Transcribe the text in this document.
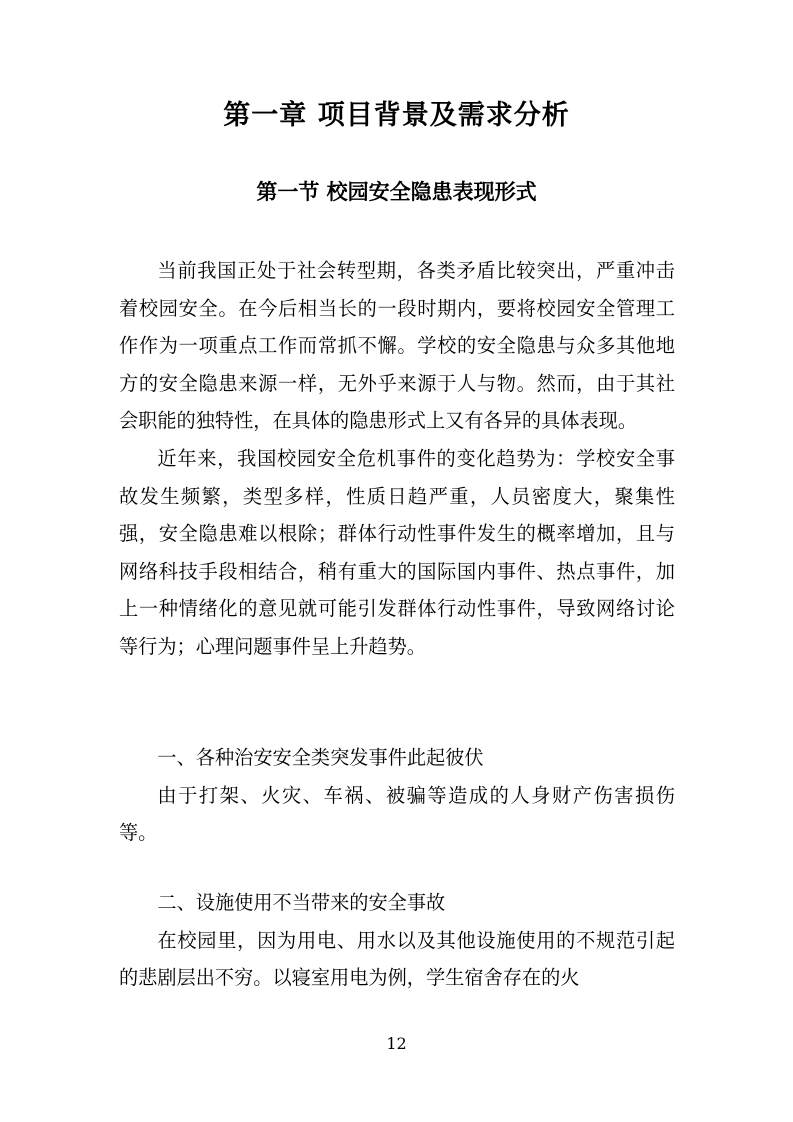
第一章 项目背景及需求分析
第一节 校园安全隐患表现形式

当前我国正处于社会转型期，各类矛盾比较突出，严重冲击着校园安全。在今后相当长的一段时期内，要将校园安全管理工作作为一项重点工作而常抓不懈。学校的安全隐患与众多其他地方的安全隐患来源一样，无外乎来源于人与物。然而，由于其社会职能的独特性，在具体的隐患形式上又有各异的具体表现。

近年来，我国校园安全危机事件的变化趋势为：学校安全事故发生频繁，类型多样，性质日趋严重，人员密度大，聚集性强，安全隐患难以根除；群体行动性事件发生的概率增加，且与网络科技手段相结合，稍有重大的国际国内事件、热点事件，加上一种情绪化的意见就可能引发群体行动性事件，导致网络讨论等行为；心理问题事件呈上升趋势。

一、各种治安安全类突发事件此起彼伏

由于打架、火灾、车祸、被骗等造成的人身财产伤害损伤等。

二、设施使用不当带来的安全事故

在校园里，因为用电、用水以及其他设施使用的不规范引起的悲剧层出不穷。以寝室用电为例，学生宿舍存在的火

12
